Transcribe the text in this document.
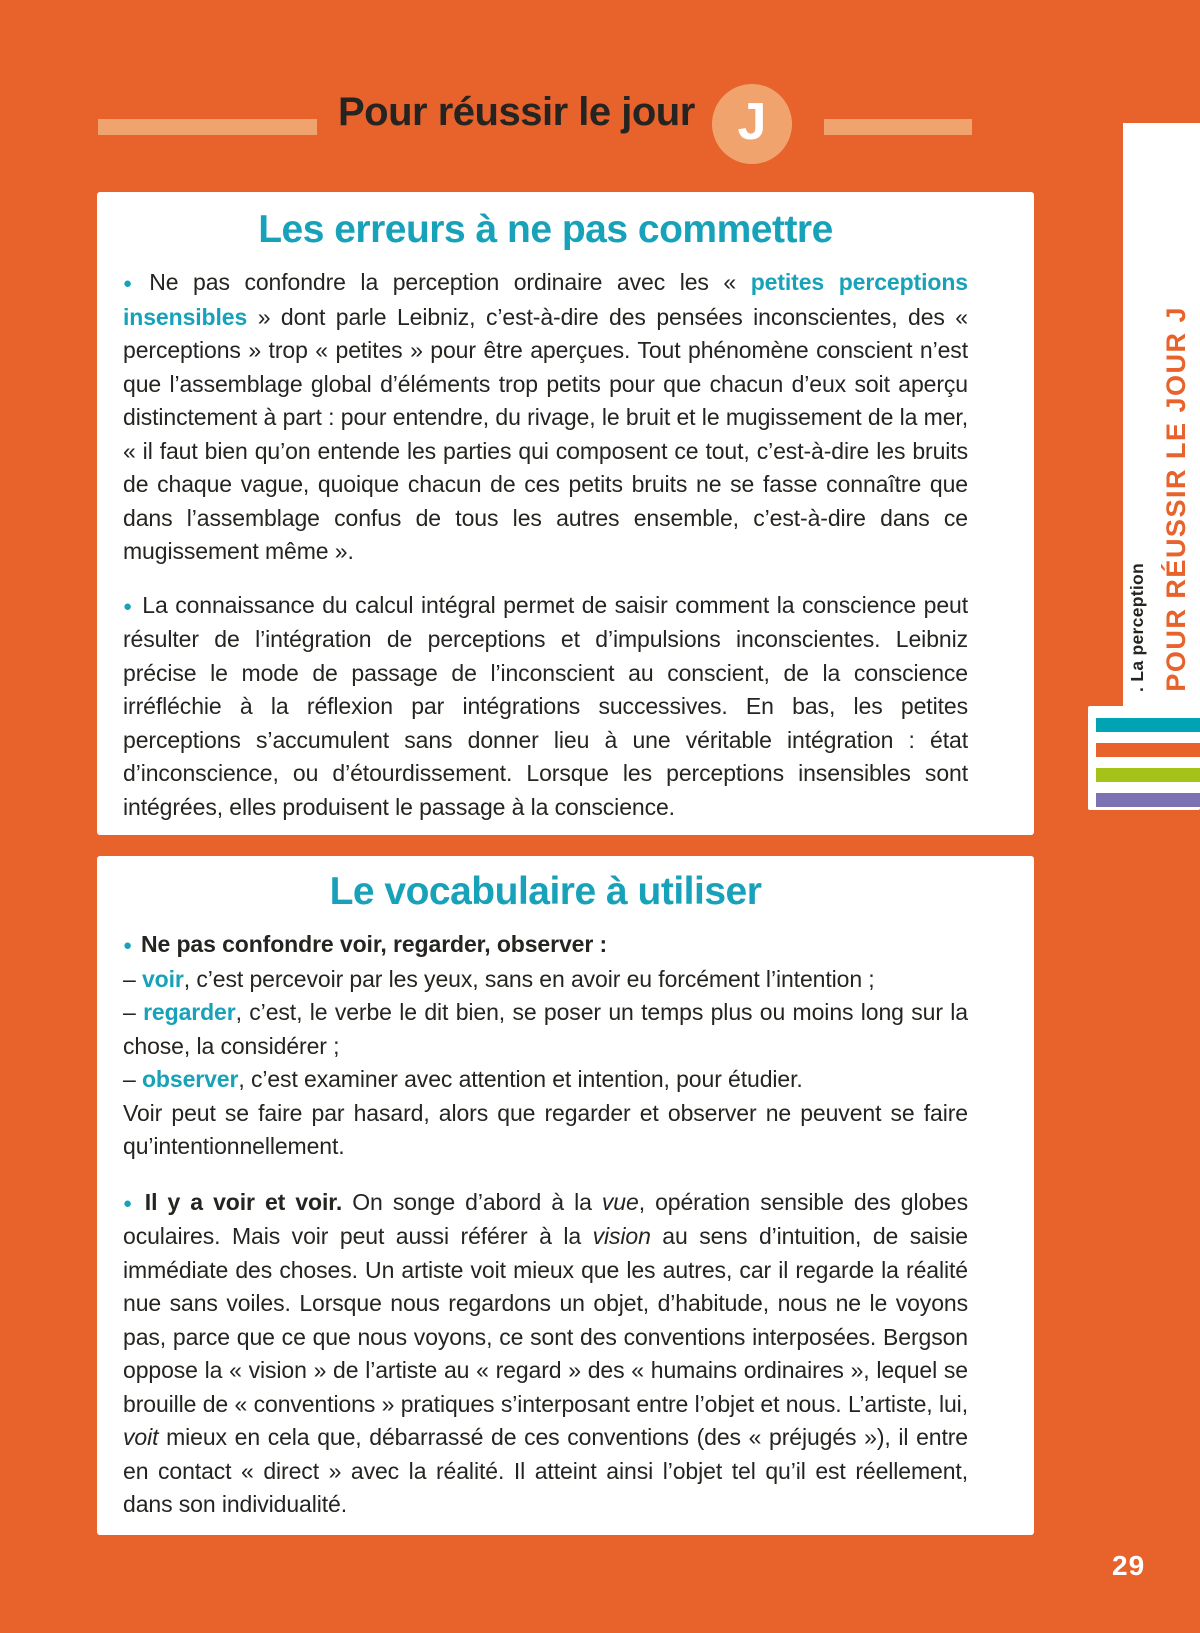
Pour réussir le jour J
Les erreurs à ne pas commettre

● Ne pas confondre la perception ordinaire avec les « petites perceptions insensibles » dont parle Leibniz, c’est-à-dire des pensées inconscientes, des « perceptions » trop « petites » pour être aperçues. Tout phénomène conscient n’est que l’assemblage global d’éléments trop petits pour que chacun d’eux soit aperçu distinctement à part : pour entendre, du rivage, le bruit et le mugissement de la mer, « il faut bien qu’on entende les parties qui composent ce tout, c’est-à-dire les bruits de chaque vague, quoique chacun de ces petits bruits ne se fasse connaître que dans l’assemblage confus de tous les autres ensemble, c’est-à-dire dans ce mugissement même ».

● La connaissance du calcul intégral permet de saisir comment la conscience peut résulter de l’intégration de perceptions et d’impulsions inconscientes. Leibniz précise le mode de passage de l’inconscient au conscient, de la conscience irréfléchie à la réflexion par intégrations successives. En bas, les petites perceptions s’accumulent sans donner lieu à une véritable intégration : état d’inconscience, ou d’étourdissement. Lorsque les perceptions insensibles sont intégrées, elles produisent le passage à la conscience.

Le vocabulaire à utiliser

● Ne pas confondre voir, regarder, observer :

– voir, c’est percevoir par les yeux, sans en avoir eu forcément l’intention ;

– regarder, c’est, le verbe le dit bien, se poser un temps plus ou moins long sur la chose, la considérer ;

– observer, c’est examiner avec attention et intention, pour étudier.

Voir peut se faire par hasard, alors que regarder et observer ne peuvent se faire qu’intentionnellement.

● Il y a voir et voir. On songe d’abord à la vue, opération sensible des globes oculaires. Mais voir peut aussi référer à la vision au sens d’intuition, de saisie immédiate des choses. Un artiste voit mieux que les autres, car il regarde la réalité nue sans voiles. Lorsque nous regardons un objet, d’habitude, nous ne le voyons pas, parce que ce que nous voyons, ce sont des conventions interposées. Bergson oppose la « vision » de l’artiste au « regard » des « humains ordinaires », lequel se brouille de « conventions » pratiques s’interposant entre l’objet et nous. L’artiste, lui, voit mieux en cela que, débarrassé de ces conventions (des « préjugés »), il entre en contact « direct » avec la réalité. Il atteint ainsi l’objet tel qu’il est réellement, dans son individualité.

POUR RÉUSSIR LE JOUR J
. La perception
29
